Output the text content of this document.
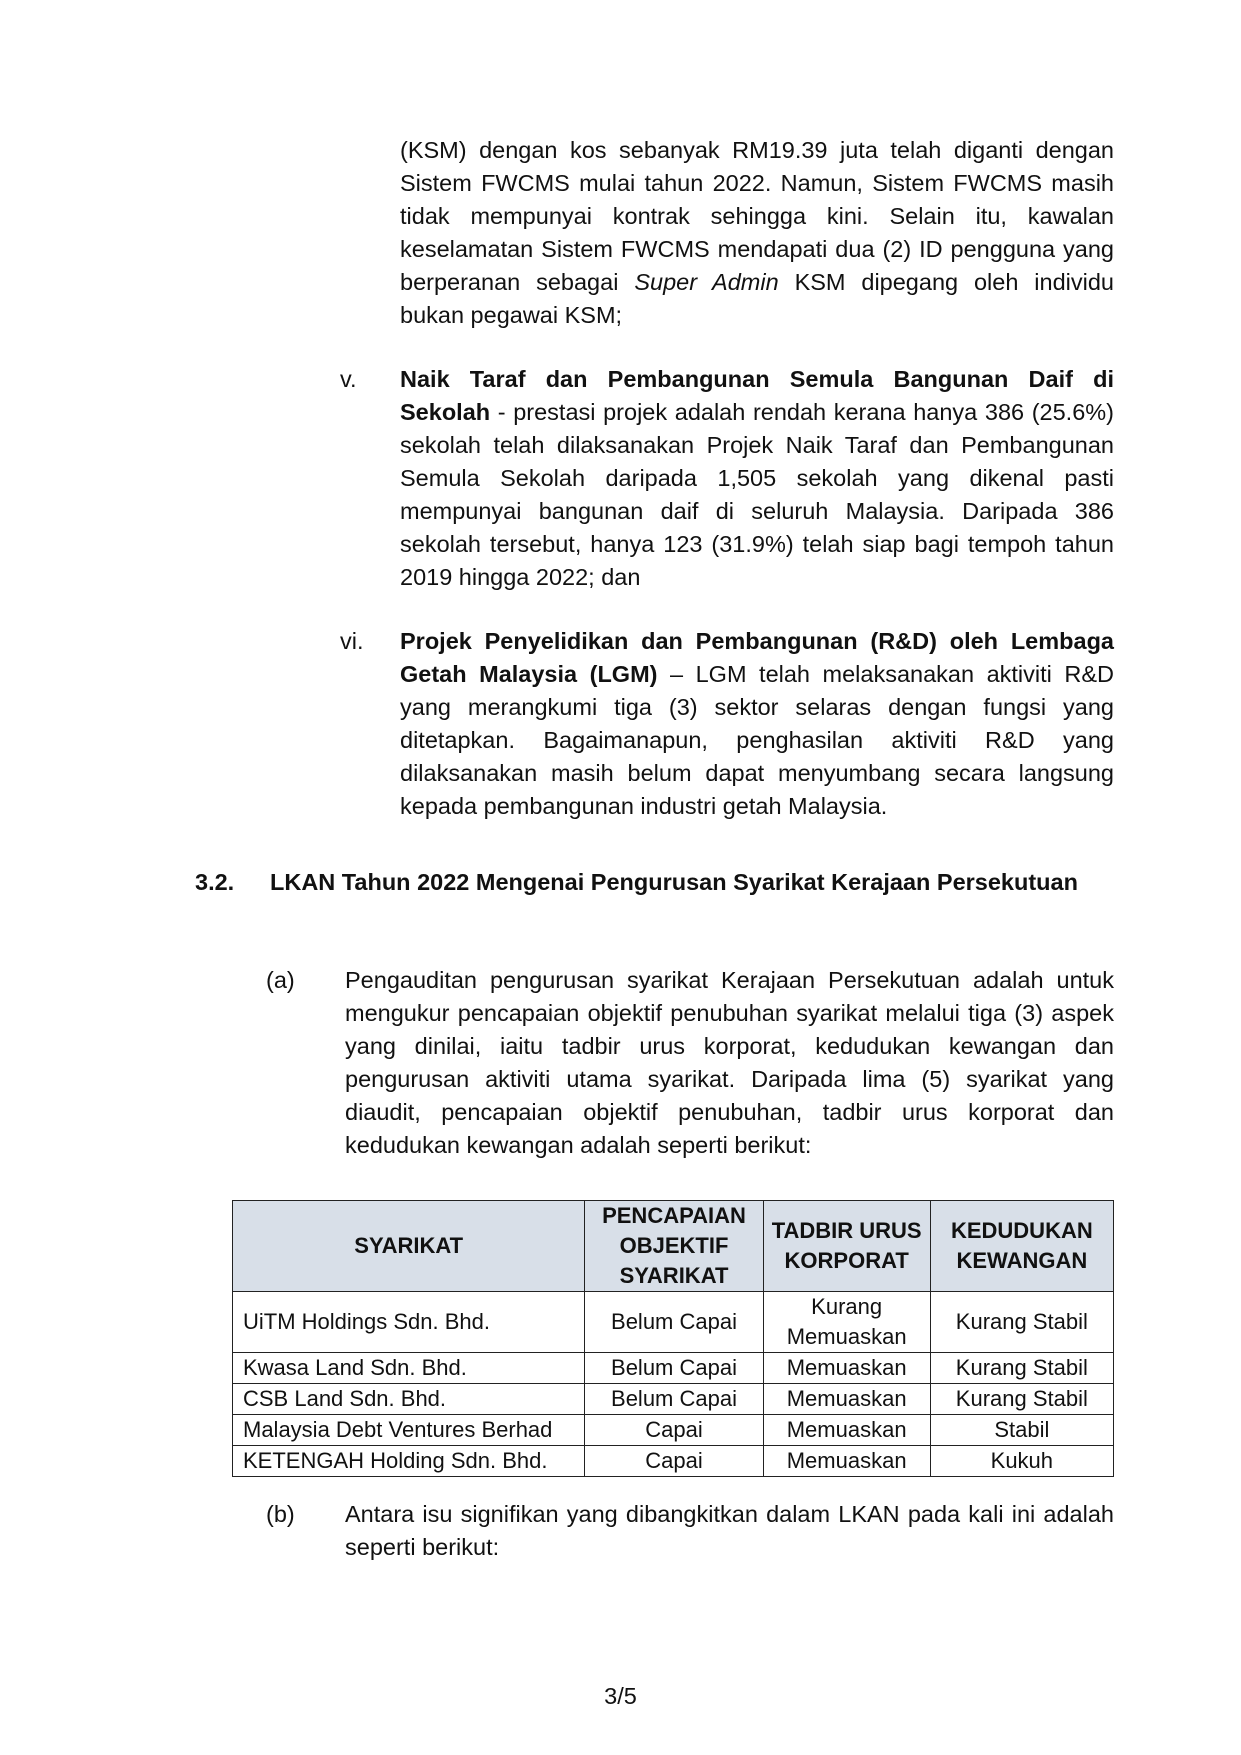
(KSM) dengan kos sebanyak RM19.39 juta telah diganti dengan Sistem FWCMS mulai tahun 2022. Namun, Sistem FWCMS masih tidak mempunyai kontrak sehingga kini. Selain itu, kawalan keselamatan Sistem FWCMS mendapati dua (2) ID pengguna yang berperanan sebagai Super Admin KSM dipegang oleh individu bukan pegawai KSM;

v. Naik Taraf dan Pembangunan Semula Bangunan Daif di Sekolah - prestasi projek adalah rendah kerana hanya 386 (25.6%) sekolah telah dilaksanakan Projek Naik Taraf dan Pembangunan Semula Sekolah daripada 1,505 sekolah yang dikenal pasti mempunyai bangunan daif di seluruh Malaysia. Daripada 386 sekolah tersebut, hanya 123 (31.9%) telah siap bagi tempoh tahun 2019 hingga 2022; dan

vi. Projek Penyelidikan dan Pembangunan (R&D) oleh Lembaga Getah Malaysia (LGM) – LGM telah melaksanakan aktiviti R&D yang merangkumi tiga (3) sektor selaras dengan fungsi yang ditetapkan. Bagaimanapun, penghasilan aktiviti R&D yang dilaksanakan masih belum dapat menyumbang secara langsung kepada pembangunan industri getah Malaysia.

3.2. LKAN Tahun 2022 Mengenai Pengurusan Syarikat Kerajaan Persekutuan

(a) Pengauditan pengurusan syarikat Kerajaan Persekutuan adalah untuk mengukur pencapaian objektif penubuhan syarikat melalui tiga (3) aspek yang dinilai, iaitu tadbir urus korporat, kedudukan kewangan dan pengurusan aktiviti utama syarikat. Daripada lima (5) syarikat yang diaudit, pencapaian objektif penubuhan, tadbir urus korporat dan kedudukan kewangan adalah seperti berikut:

SYARIKAT	PENCAPAIAN OBJEKTIF SYARIKAT	TADBIR URUS KORPORAT	KEDUDUKAN KEWANGAN
UiTM Holdings Sdn. Bhd.	Belum Capai	Kurang Memuaskan	Kurang Stabil
Kwasa Land Sdn. Bhd.	Belum Capai	Memuaskan	Kurang Stabil
CSB Land Sdn. Bhd.	Belum Capai	Memuaskan	Kurang Stabil
Malaysia Debt Ventures Berhad	Capai	Memuaskan	Stabil
KETENGAH Holding Sdn. Bhd.	Capai	Memuaskan	Kukuh
(b) Antara isu signifikan yang dibangkitkan dalam LKAN pada kali ini adalah seperti berikut:

3/5
